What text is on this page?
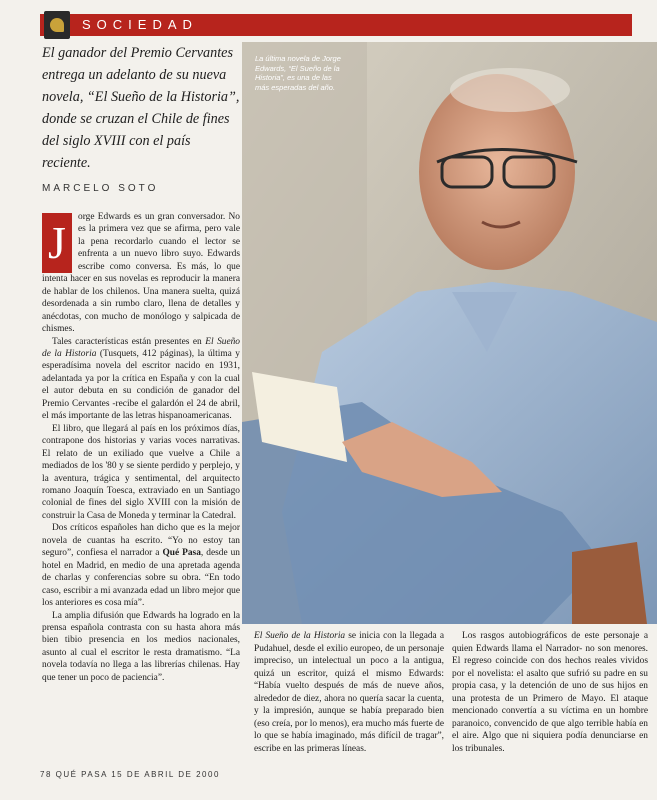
SOCIEDAD
El ganador del Premio Cervantes entrega un adelanto de su nueva novela, “El Sueño de la Historia”, donde se cruzan el Chile de fines del siglo XVIII con el país reciente.
MARCELO SOTO
J	orge Edwards es un gran conversador. No es la primera vez que se afirma, pero vale la pena recordarlo cuando el lector se enfrenta a un nuevo libro suyo. Edwards escribe como conversa. Es más, lo que intenta hacer en sus novelas es reproducir la manera de hablar de los chilenos. Una manera suelta, quizá desordenada a sin rumbo claro, llena de detalles y anécdotas, con mucho de monólogo y salpicada de chismes.

Tales características están presentes en El Sueño de la Historia (Tusquets, 412 páginas), la última y esperadísima novela del escritor nacido en 1931, adelantada ya por la crítica en España y con la cual el autor debuta en su condición de ganador del Premio Cervantes -recibe el galardón el 24 de abril, el más importante de las letras hispanoamericanas.

El libro, que llegará al país en los próximos días, contrapone dos historias y varias voces narrativas. El relato de un exiliado que vuelve a Chile a mediados de los '80 y se siente perdido y perplejo, y la aventura, trágica y sentimental, del arquitecto romano Joaquín Toesca, extraviado en un Santiago colonial de fines del siglo XVIII con la misión de construir la Casa de Moneda y terminar la Catedral.

Dos críticos españoles han dicho que es la mejor novela de cuantas ha escrito. “Yo no estoy tan seguro”, confiesa el narrador a Qué Pasa, desde un hotel en Madrid, en medio de una apretada agenda de charlas y conferencias sobre su obra. “En todo caso, escribir a mi avanzada edad un libro mejor que los anteriores es cosa mía”.

La amplia difusión que Edwards ha logrado en la prensa española contrasta con su hasta ahora más bien tibio presencia en los medios nacionales, asunto al cual el escritor le resta dramatismo. “La novela todavía no llega a las librerías chilenas. Hay que tener un poco de paciencia”.

La última novela de Jorge Edwards, “El Sueño de la Historia”, es una de las más esperadas del año.

El Sueño de la Historia se inicia con la llegada a Pudahuel, desde el exilio europeo, de un personaje impreciso, un intelectual un poco a la antigua, quizá un escritor, quizá el mismo Edwards: “Había vuelto después de más de nueve años, alrededor de diez, ahora no quería sacar la cuenta, y la impresión, aunque se había preparado bien (eso creía, por lo menos), era mucho más fuerte de lo que se había imaginado, más difícil de tragar”, escribe en las primeras líneas.

Los rasgos autobiográficos de este personaje a quien Edwards llama el Narrador- no son menores. El regreso coincide con dos hechos reales vividos por el novelista: el asalto que sufrió su padre en su propia casa, y la detención de uno de sus hijos en una protesta de un Primero de Mayo. El ataque mencionado convertía a su víctima en un hombre paranoico, convencido de que algo terrible había en el aire. Algo que ni siquiera podía denunciarse en los tribunales.

78 QUÉ PASA 15 DE ABRIL DE 2000
